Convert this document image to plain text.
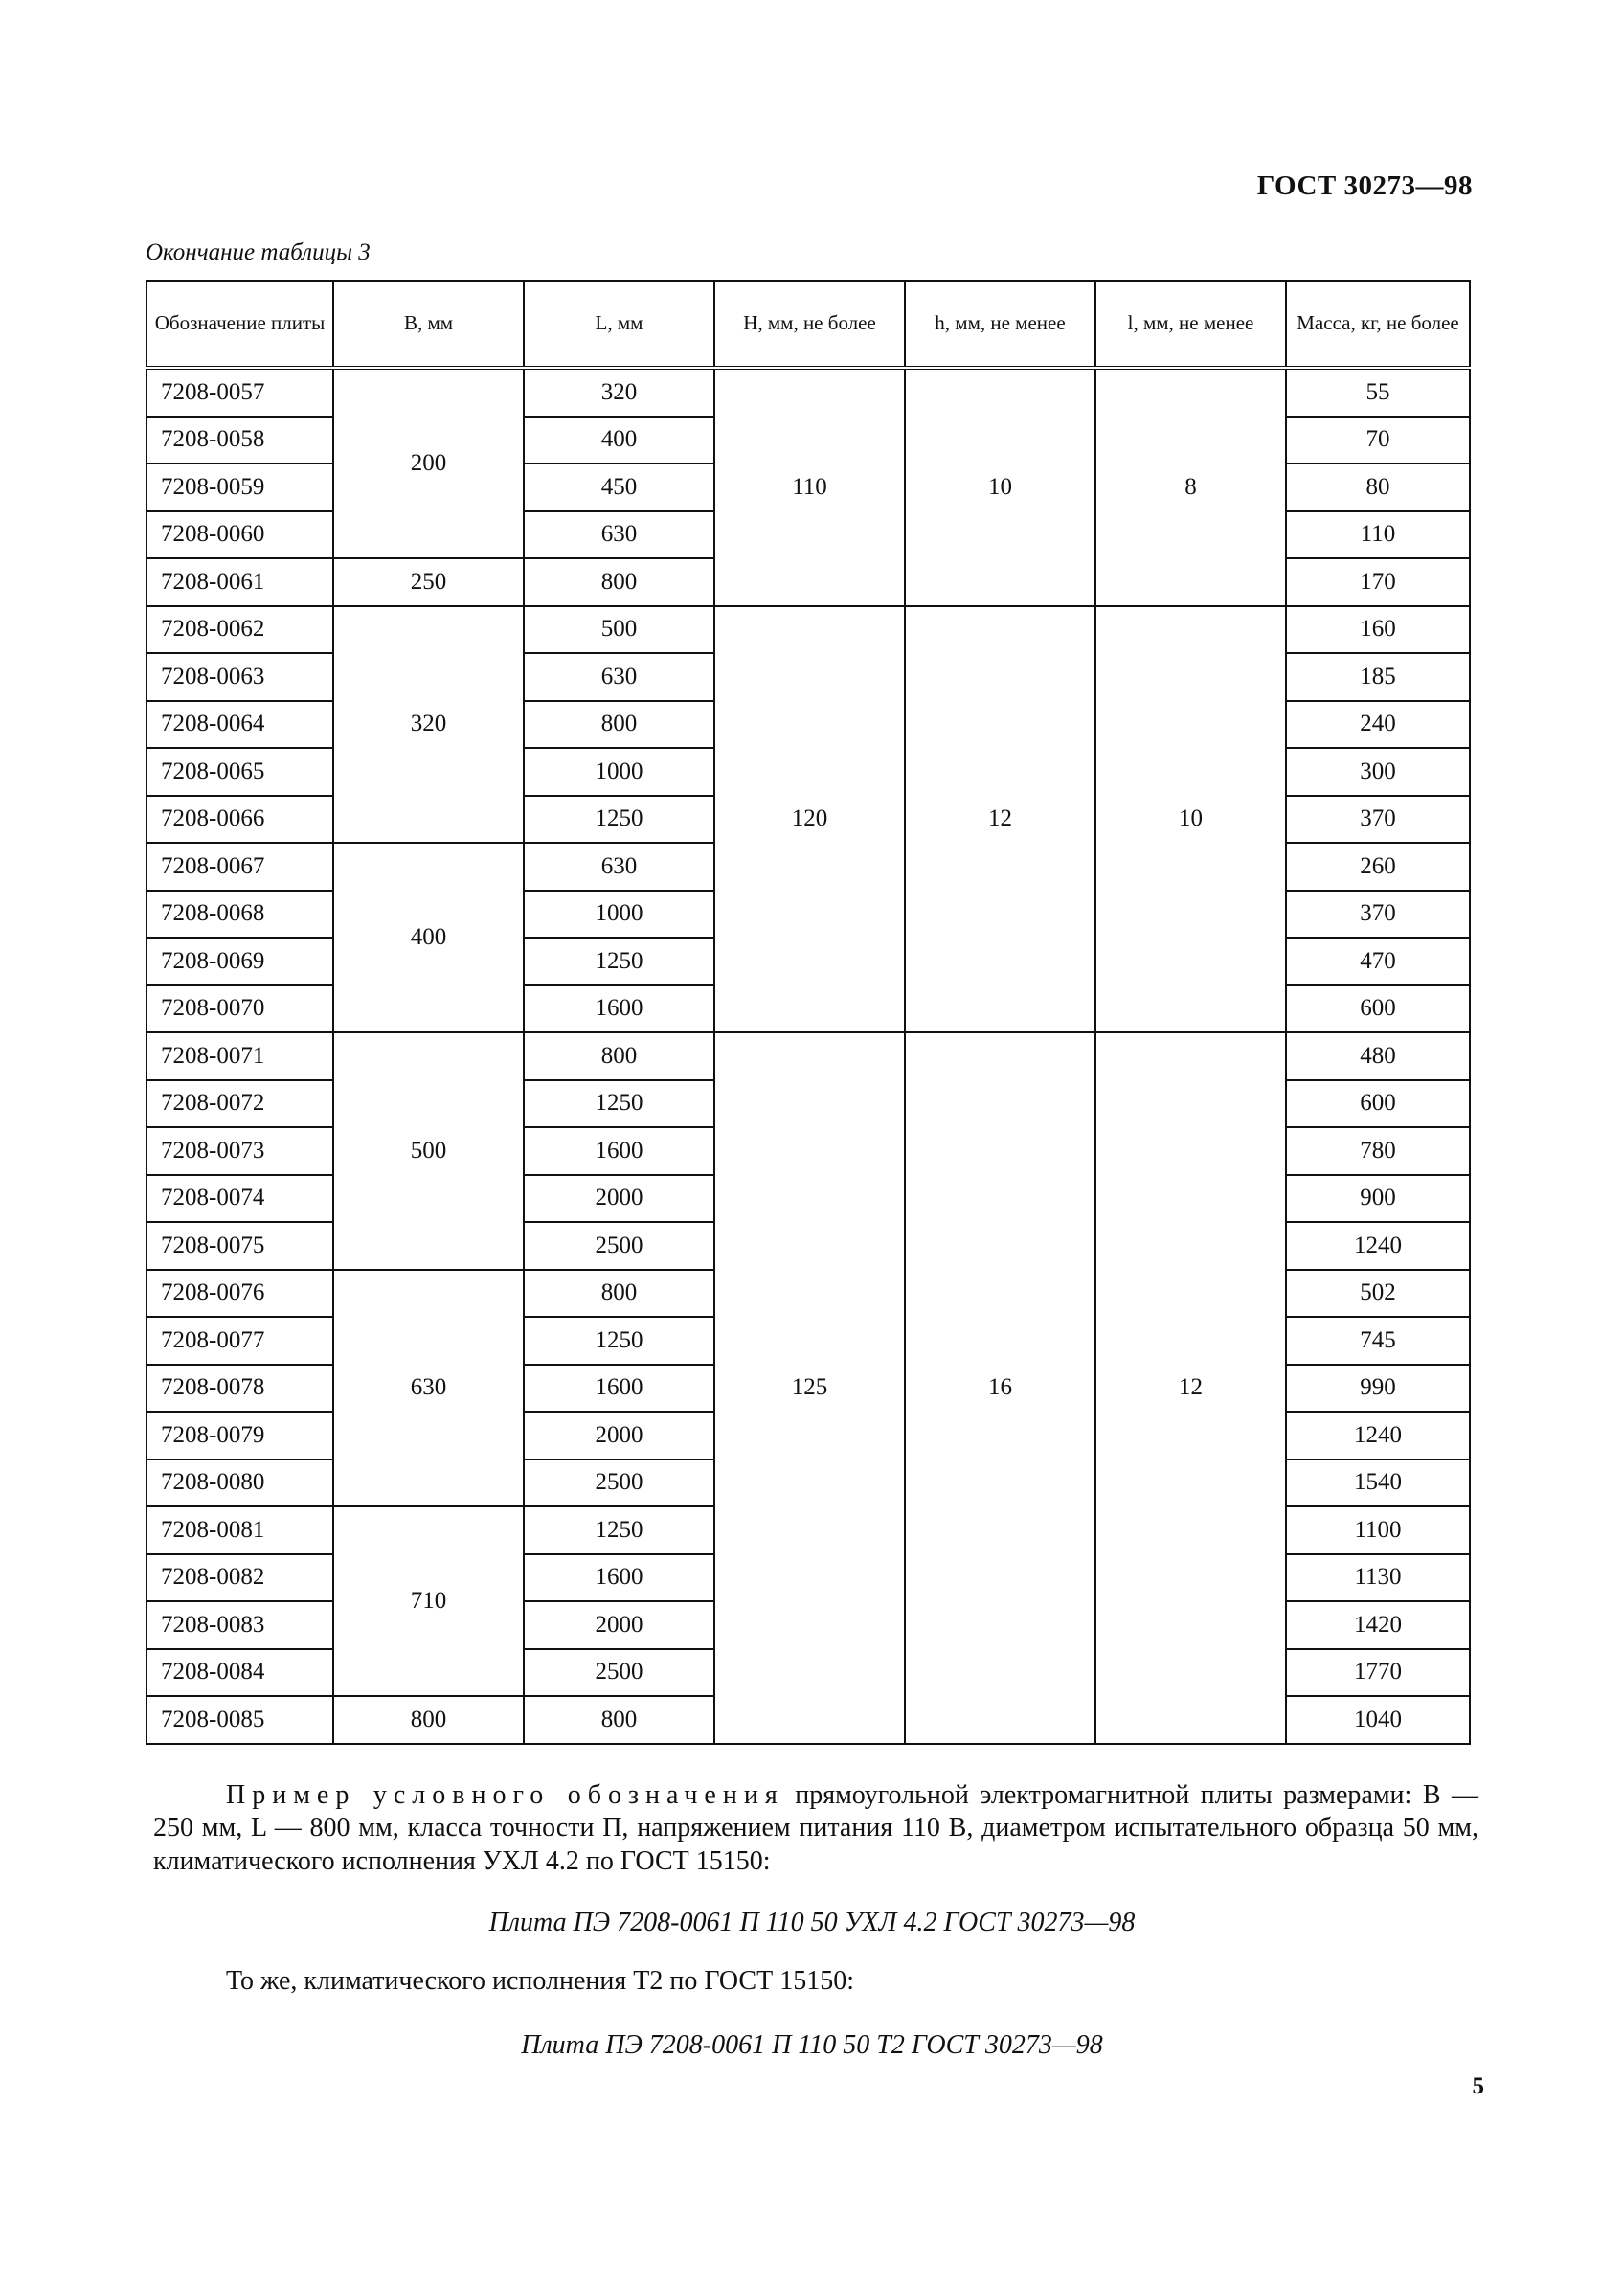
ГОСТ 30273—98
Окончание таблицы 3
Обозначение плиты	B, мм	L, мм	H, мм, не более	h, мм, не менее	l, мм, не менее	Масса, кг, не более
7208-0057	200	320	110	10	8	55
7208-0058		400				70
7208-0059		450				80
7208-0060		630				110
7208-0061	250	800				170
7208-0062	320	500	120	12	10	160
7208-0063		630				185
7208-0064		800				240
7208-0065		1000				300
7208-0066		1250				370
7208-0067	400	630				260
7208-0068		1000				370
7208-0069		1250				470
7208-0070		1600				600
7208-0071	500	800	125	16	12	480
7208-0072		1250				600
7208-0073		1600				780
7208-0074		2000				900
7208-0075		2500				1240
7208-0076	630	800				502
7208-0077		1250				745
7208-0078		1600				990
7208-0079		2000				1240
7208-0080		2500				1540
7208-0081	710	1250				1100
7208-0082		1600				1130
7208-0083		2000				1420
7208-0084		2500				1770
7208-0085	800	800				1040
Пример условного обозначения прямоугольной электромагнитной плиты размерами: B — 250 мм, L — 800 мм, класса точности П, напряжением питания 110 В, диаметром испытательного образца 50 мм, климатического исполнения УХЛ 4.2 по ГОСТ 15150:
Плита ПЭ 7208-0061 П 110 50 УХЛ 4.2 ГОСТ 30273—98
То же, климатического исполнения Т2 по ГОСТ 15150:
Плита ПЭ 7208-0061 П 110 50 Т2 ГОСТ 30273—98
5
